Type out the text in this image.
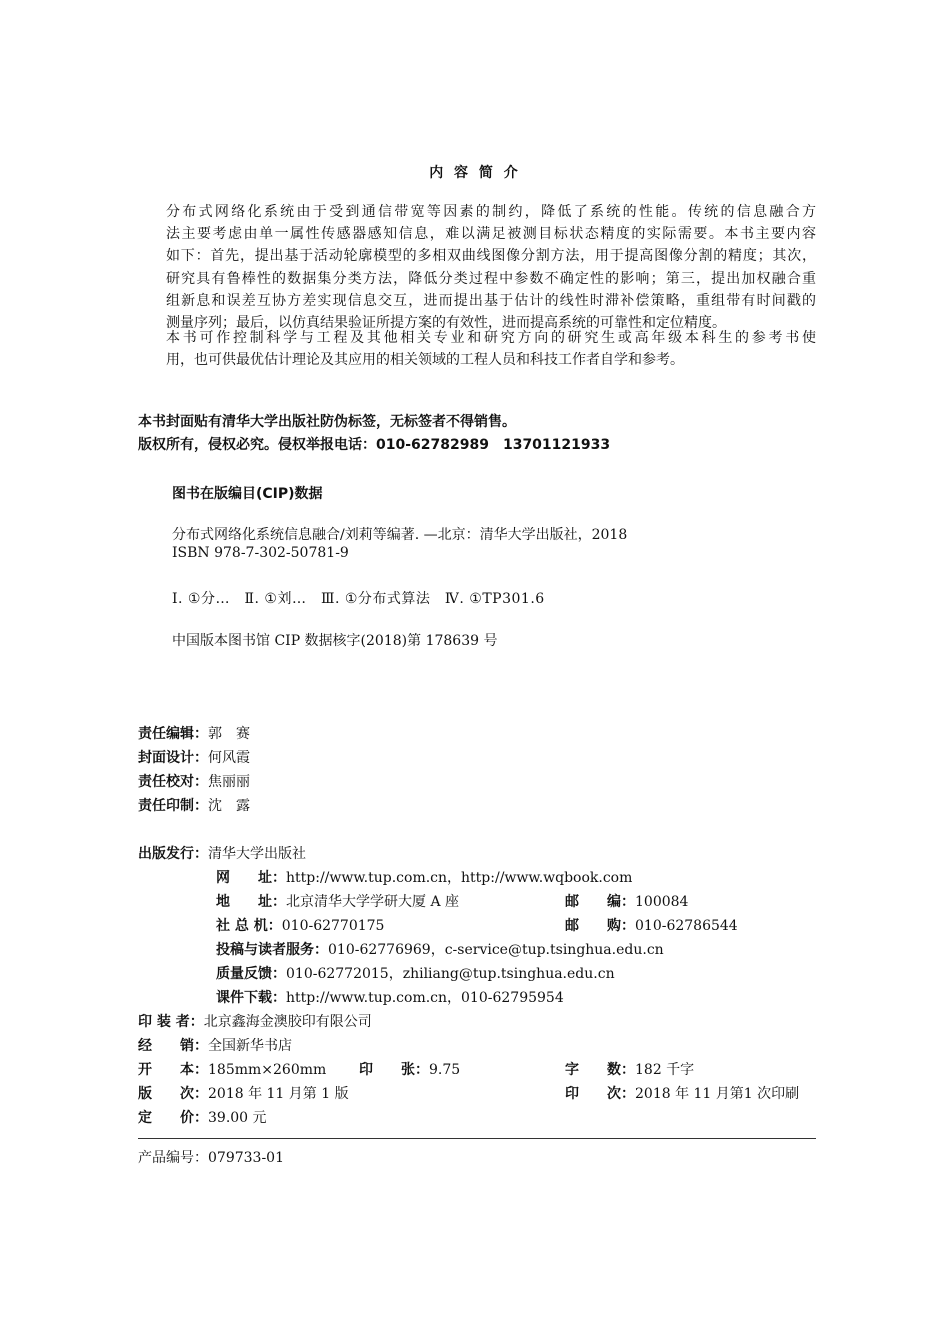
内 容 简 介
分布式网络化系统由于受到通信带宽等因素的制约，降低了系统的性能。传统的信息融合方
法主要考虑由单一属性传感器感知信息，难以满足被测目标状态精度的实际需要。本书主要内容
如下：首先，提出基于活动轮廓模型的多相双曲线图像分割方法，用于提高图像分割的精度；其次，
研究具有鲁棒性的数据集分类方法，降低分类过程中参数不确定性的影响；第三，提出加权融合重
组新息和误差互协方差实现信息交互，进而提出基于估计的线性时滞补偿策略，重组带有时间戳的
测量序列；最后，以仿真结果验证所提方案的有效性，进而提高系统的可靠性和定位精度。
本书可作控制科学与工程及其他相关专业和研究方向的研究生或高年级本科生的参考书使
用，也可供最优估计理论及其应用的相关领域的工程人员和科技工作者自学和参考。
本书封面贴有清华大学出版社防伪标签，无标签者不得销售。
版权所有，侵权必究。侵权举报电话：010-62782989　13701121933
图书在版编目(CIP)数据
分布式网络化系统信息融合/刘莉等编著. —北京：清华大学出版社，2018
ISBN 978-7-302-50781-9
Ⅰ. ①分…　Ⅱ. ①刘…　Ⅲ. ①分布式算法　Ⅳ. ①TP301.6
中国版本图书馆 CIP 数据核字(2018)第 178639 号
责任编辑：郭　赛
封面设计：何风霞
责任校对：焦丽丽
责任印制：沈　露
出版发行：清华大学出版社
网　　址：http://www.tup.com.cn，http://www.wqbook.com
地　　址：北京清华大学学研大厦 A 座	邮　　编：100084
社 总 机：010-62770175	邮　　购：010-62786544
投稿与读者服务：010-62776969，c-service@tup.tsinghua.edu.cn
质量反馈：010-62772015，zhiliang@tup.tsinghua.edu.cn
课件下载：http://www.tup.com.cn，010-62795954
印 装 者：北京鑫海金澳胶印有限公司
经　　销：全国新华书店
开　　本：185mm×260mm 印　　张：9.75	字　　数：182 千字
版　　次：2018 年 11 月第 1 版	印　　次：2018 年 11 月第1 次印刷
定　　价：39.00 元
产品编号：079733-01
